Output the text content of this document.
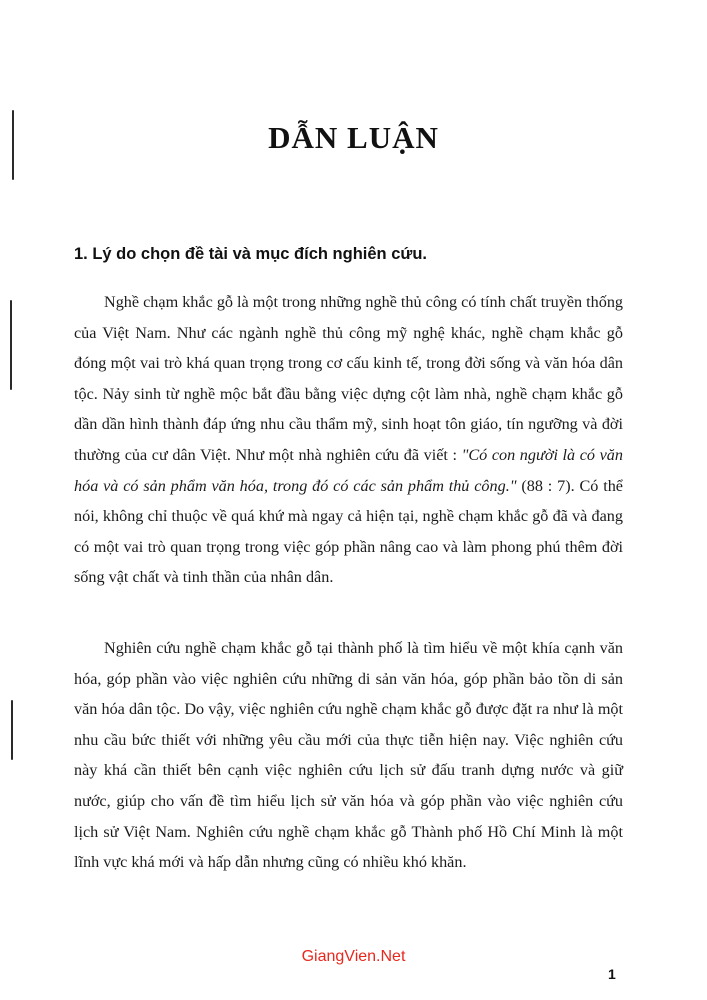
DẪN LUẬN
1. Lý do chọn đề tài và mục đích nghiên cứu.

Nghề chạm khắc gỗ là một trong những nghề thủ công có tính chất truyền thống của Việt Nam. Như các ngành nghề thủ công mỹ nghệ khác, nghề chạm khắc gỗ đóng một vai trò khá quan trọng trong cơ cấu kinh tế, trong đời sống và văn hóa dân tộc. Nảy sinh từ nghề mộc bắt đầu bằng việc dựng cột làm nhà, nghề chạm khắc gỗ dần dần hình thành đáp ứng nhu cầu thẩm mỹ, sinh hoạt tôn giáo, tín ngưỡng và đời thường của cư dân Việt. Như một nhà nghiên cứu đã viết : "Có con người là có văn hóa và có sản phẩm văn hóa, trong đó có các sản phẩm thủ công." (88 : 7). Có thể nói, không chỉ thuộc về quá khứ mà ngay cả hiện tại, nghề chạm khắc gỗ đã và đang có một vai trò quan trọng trong việc góp phần nâng cao và làm phong phú thêm đời sống vật chất và tinh thần của nhân dân.

Nghiên cứu nghề chạm khắc gỗ tại thành phố là tìm hiểu về một khía cạnh văn hóa, góp phần vào việc nghiên cứu những di sản văn hóa, góp phần bảo tồn di sản văn hóa dân tộc. Do vậy, việc nghiên cứu nghề chạm khắc gỗ được đặt ra như là một nhu cầu bức thiết với những yêu cầu mới của thực tiễn hiện nay. Việc nghiên cứu này khá cần thiết bên cạnh việc nghiên cứu lịch sử đấu tranh dựng nước và giữ nước, giúp cho vấn đề tìm hiểu lịch sử văn hóa và góp phần vào việc nghiên cứu lịch sử Việt Nam. Nghiên cứu nghề chạm khắc gỗ Thành phố Hồ Chí Minh là một lĩnh vực khá mới và hấp dẫn nhưng cũng có nhiều khó khăn.

GiangVien.Net
1
